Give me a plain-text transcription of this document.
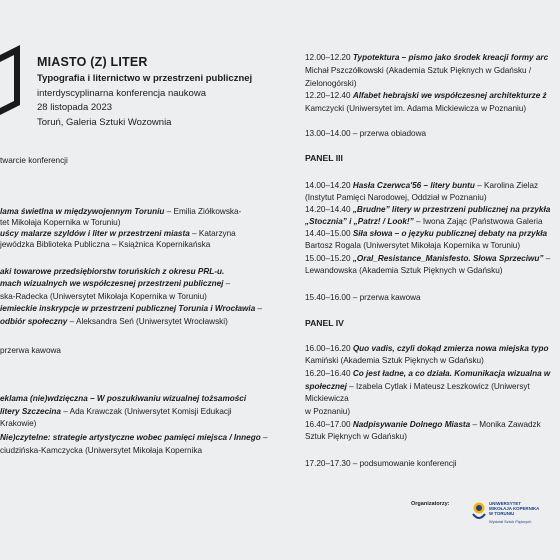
MIASTO (Z) LITER
Typografia i liternictwo w przestrzeni publicznej
interdyscyplinarna konferencja naukowa
28 listopada 2023
Toruń, Galeria Sztuki Wozownia
twarcie konferencji
lama świetlna w międzywojennym Toruniu – Emilia Ziółkowska-
tet Mikołaja Kopernika w Toruniu)
uścy malarze szyldów i liter w przestrzeni miasta – Katarzyna
jewódzka Biblioteka Publiczna – Książnica Kopernikańska
aki towarowe przedsiębiorstw toruńskich z okresu PRL-u.
mach wizualnych we współczesnej przestrzeni publicznej –
ska-Radecka (Uniwersytet Mikołaja Kopernika w Toruniu)
iemieckie inskrypcje w przestrzeni publicznej Torunia i Wrocławia –
odbiór społeczny – Aleksandra Seń (Uniwersytet Wrocławski)
przerwa kawowa
eklama (nie)wdzięczna – W poszukiwaniu wizualnej tożsamości
litery Szczecina – Ada Krawczak (Uniwersytet Komisji Edukacji
Krakowie)
Nie)czytelne: strategie artystyczne wobec pamięci miejsca / Innego –
ciudzińska-Kamczycka (Uniwersytet Mikołaja Kopernika
12.00–12.20 Typotektura – pismo jako środek kreacji formy arc
Michał Pszczółkowski (Akademia Sztuk Pięknych w Gdańsku /
Zielonogórski)
12.20–12.40 Alfabet hebrajski we współczesnej architekturze ż
Kamczycki (Uniwersytet im. Adama Mickiewicza w Poznaniu)
13.00–14.00 – przerwa obiadowa
PANEL III
14.00–14.20 Hasła Czerwca'56 – litery buntu – Karolina Zielaz
(Instytut Pamięci Narodowej, Oddział w Poznaniu)
14.20–14.40 „Brudne” litery w przestrzeni publicznej na przykła
„Stocznia” i „Patrz! / Look!” – Iwona Zając (Państwowa Galeria
14.40–15.00 Siła słowa – o języku publicznej debaty na przykła
Bartosz Rogala (Uniwersytet Mikołaja Kopernika w Toruniu)
15.00–15.20 „Oral_Resistance_Manisfesto. Słowa Sprzeciwu” –
Lewandowska (Akademia Sztuk Pięknych w Gdańsku)
15.40–16.00 – przerwa kawowa
PANEL IV
16.00–16.20 Quo vadis, czyli dokąd zmierza nowa miejska typo
Kamiński (Akademia Sztuk Pięknych w Gdańsku)
16.20–16.40 Co jest ładne, a co działa. Komunikacja wizualna w
społecznej – Izabela Cytlak i Mateusz Leszkowicz (Uniwersyt
Mickiewicza
w Poznaniu)
16.40–17.00 Nadpisywanie Dolnego Miasta – Monika Zawadzk
Sztuk Pięknych w Gdańsku)
17.20–17.30 – podsumowanie konferencji
Organizatorzy:	UNIWERSYTET
MIKOŁAJA KOPERNIKA
W TORUNIU
Wydział Sztuk Pięknych
